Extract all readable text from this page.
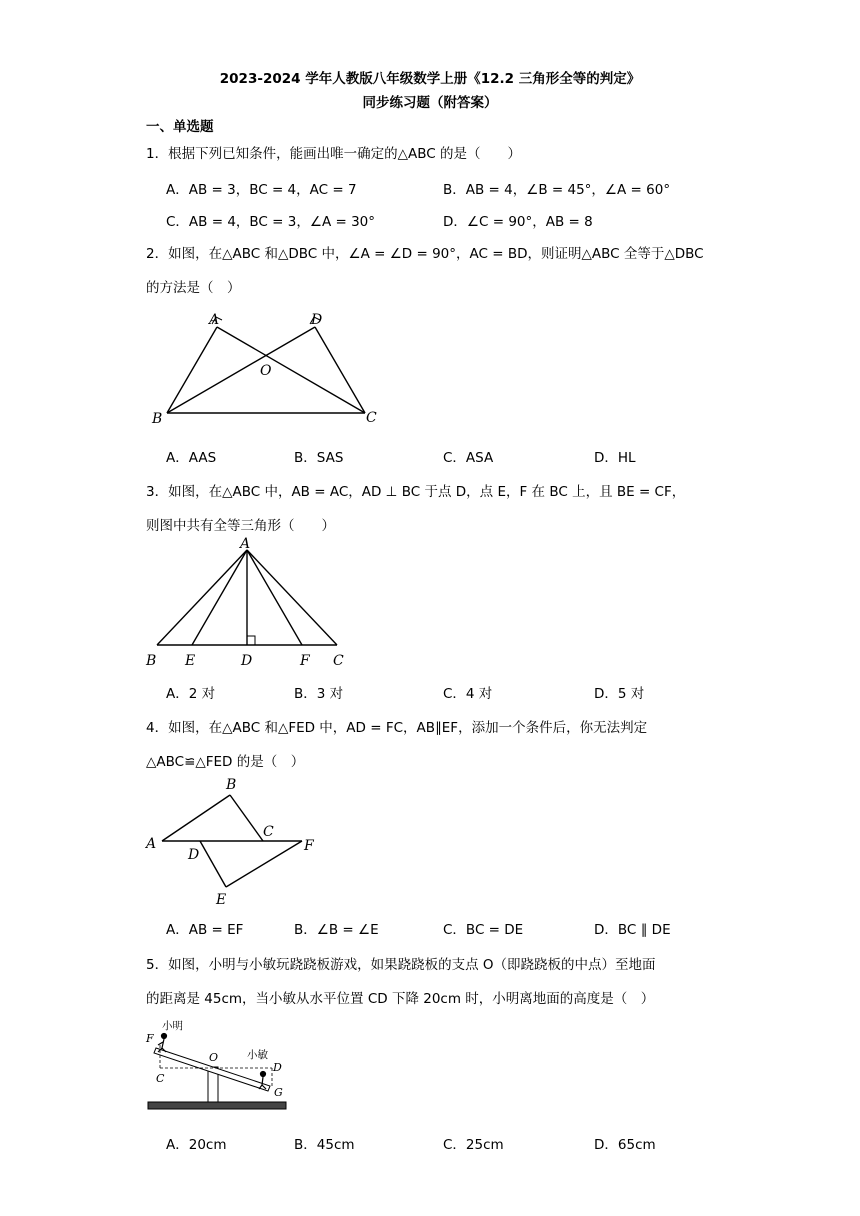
2023-2024 学年人教版八年级数学上册《12.2 三角形全等的判定》
同步练习题（附答案）
一、单选题
1．根据下列已知条件，能画出唯一确定的△ABC 的是（　　）
A．AB = 3，BC = 4，AC = 7	B．AB = 4，∠B = 45°，∠A = 60°
C．AB = 4，BC = 3，∠A = 30°	D．∠C = 90°，AB = 8
2．如图，在△ABC 和△DBC 中，∠A = ∠D = 90°，AC = BD，则证明△ABC 全等于△DBC
的方法是（　）
A	D
O
B	C
A．AAS	B．SAS	C．ASA	D．HL
3．如图，在△ABC 中，AB = AC，AD ⊥ BC 于点 D，点 E，F 在 BC 上，且 BE = CF，
则图中共有全等三角形（　　）
A
B E	D	F C
A．2 对	B．3 对	C．4 对	D．5 对
4．如图，在△ABC 和△FED 中，AD = FC，AB∥EF，添加一个条件后，你无法判定
△ABC≌△FED 的是（　）
B
A
C
D
F
E
A．AB = EF	B．∠B = ∠E	C．BC = DE	D．BC ∥ DE
5．如图，小明与小敏玩跷跷板游戏，如果跷跷板的支点 O（即跷跷板的中点）至地面
的距离是 45cm，当小敏从水平位置 CD 下降 20cm 时，小明离地面的高度是（　）
小明
F
O	小敏
C
D
G
A．20cm	B．45cm	C．25cm	D．65cm
